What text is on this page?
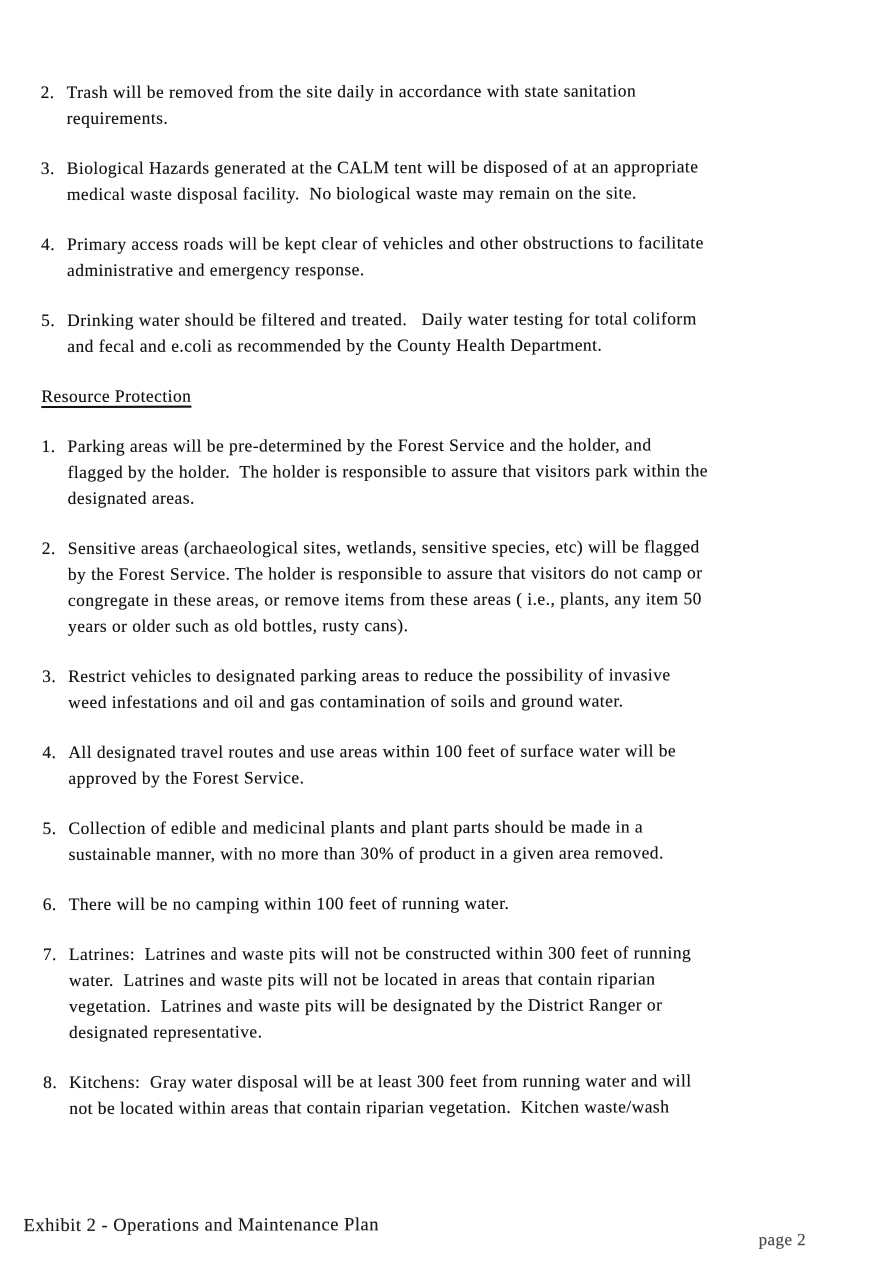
2. Trash will be removed from the site daily in accordance with state sanitation
requirements.
3. Biological Hazards generated at the CALM tent will be disposed of at an appropriate
medical waste disposal facility.  No biological waste may remain on the site.
4. Primary access roads will be kept clear of vehicles and other obstructions to facilitate
administrative and emergency response.
5. Drinking water should be filtered and treated.   Daily water testing for total coliform
and fecal and e.coli as recommended by the County Health Department.
Resource Protection
1. Parking areas will be pre-determined by the Forest Service and the holder, and
flagged by the holder.  The holder is responsible to assure that visitors park within the
designated areas.
2. Sensitive areas (archaeological sites, wetlands, sensitive species, etc) will be flagged
by the Forest Service. The holder is responsible to assure that visitors do not camp or
congregate in these areas, or remove items from these areas ( i.e., plants, any item 50
years or older such as old bottles, rusty cans).
3. Restrict vehicles to designated parking areas to reduce the possibility of invasive
weed infestations and oil and gas contamination of soils and ground water.
4. All designated travel routes and use areas within 100 feet of surface water will be
approved by the Forest Service.
5. Collection of edible and medicinal plants and plant parts should be made in a
sustainable manner, with no more than 30% of product in a given area removed.
6. There will be no camping within 100 feet of running water.
7. Latrines:  Latrines and waste pits will not be constructed within 300 feet of running
water.  Latrines and waste pits will not be located in areas that contain riparian
vegetation.  Latrines and waste pits will be designated by the District Ranger or
designated representative.
8. Kitchens:  Gray water disposal will be at least 300 feet from running water and will
not be located within areas that contain riparian vegetation.  Kitchen waste/wash
Exhibit 2 - Operations and Maintenance Plan
page 2
